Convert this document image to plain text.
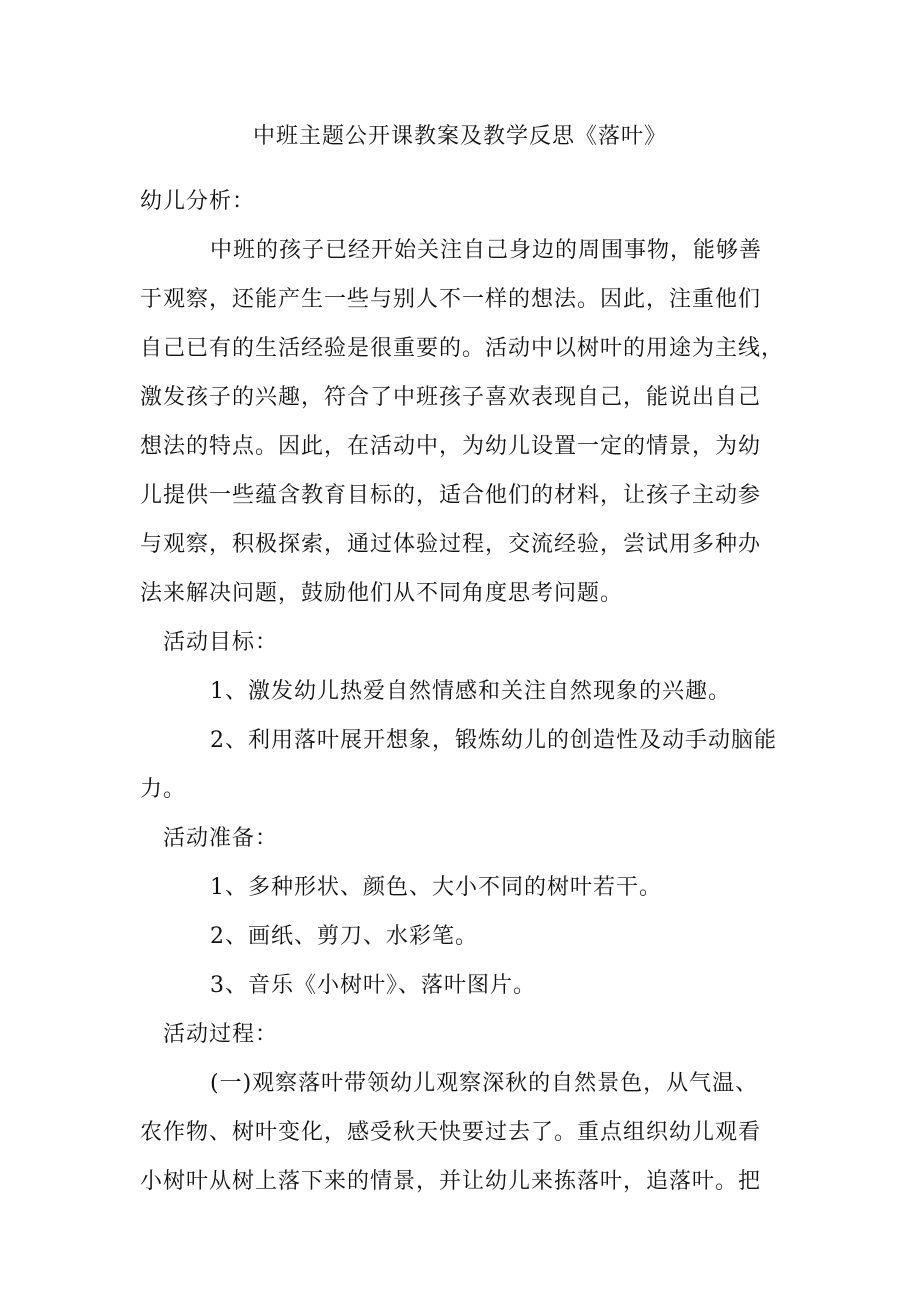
中班主题公开课教案及教学反思《落叶》
幼儿分析：
中班的孩子已经开始关注自己身边的周围事物，能够善
于观察，还能产生一些与别人不一样的想法。因此，注重他们
自己已有的生活经验是很重要的。活动中以树叶的用途为主线，
激发孩子的兴趣，符合了中班孩子喜欢表现自己，能说出自己
想法的特点。因此，在活动中，为幼儿设置一定的情景，为幼
儿提供一些蕴含教育目标的，适合他们的材料，让孩子主动参
与观察，积极探索，通过体验过程，交流经验，尝试用多种办
法来解决问题，鼓励他们从不同角度思考问题。
活动目标：
1、激发幼儿热爱自然情感和关注自然现象的兴趣。
2、利用落叶展开想象，锻炼幼儿的创造性及动手动脑能
力。
活动准备：
1、多种形状、颜色、大小不同的树叶若干。
2、画纸、剪刀、水彩笔。
3、音乐《小树叶》、落叶图片。
活动过程：
(一)观察落叶带领幼儿观察深秋的自然景色，从气温、
农作物、树叶变化，感受秋天快要过去了。重点组织幼儿观看
小树叶从树上落下来的情景，并让幼儿来拣落叶，追落叶。把
